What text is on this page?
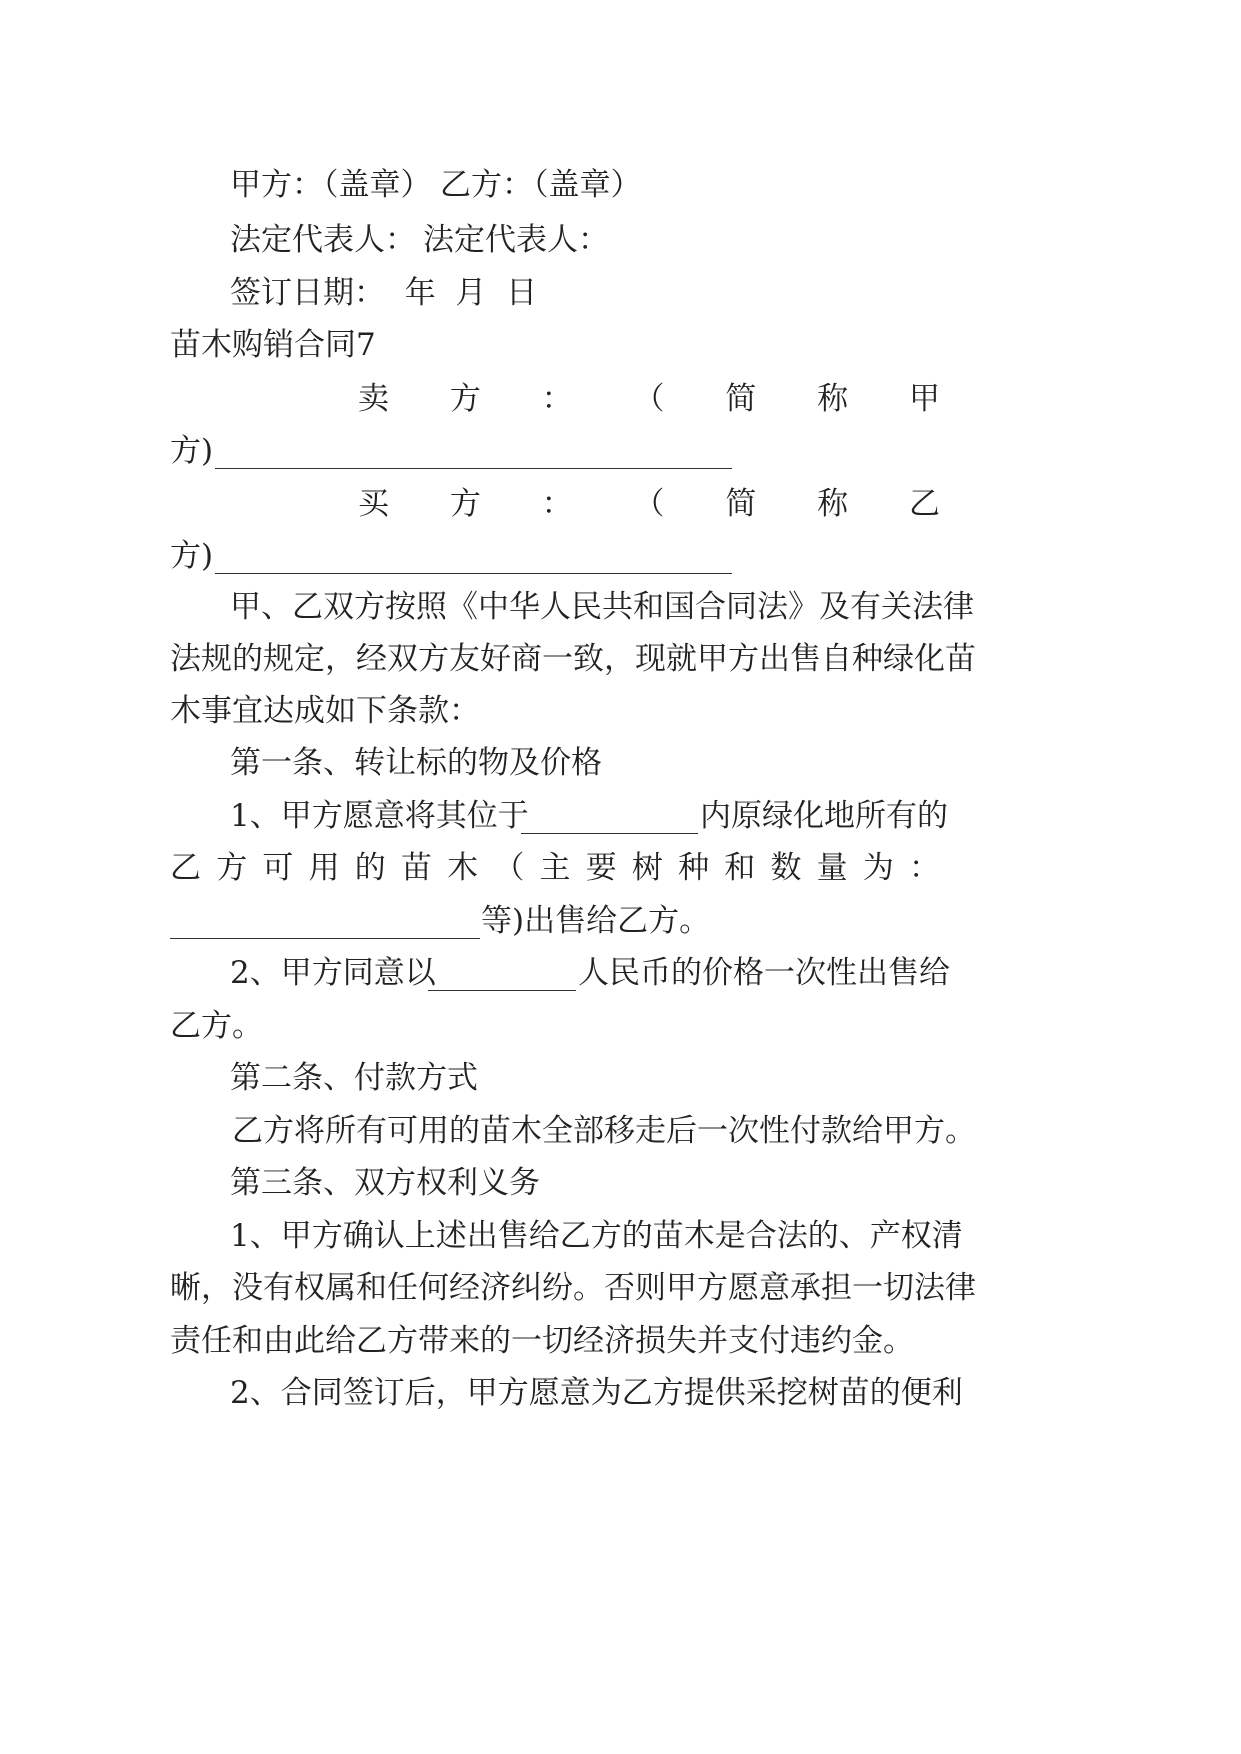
甲方：（盖章） 乙方：（盖章）
法定代表人： 法定代表人：
签订日期：  年  月  日
苗木购销合同7
卖 方 ： （ 简 称 甲
方)
买 方 ： （ 简 称 乙
方)
甲、乙双方按照《中华人民共和国合同法》及有关法律
法规的规定，经双方友好商一致，现就甲方出售自种绿化苗
木事宜达成如下条款：
第一条、转让标的物及价格
1、甲方愿意将其位于	内原绿化地所有的
乙 方 可 用 的 苗 木 （ 主 要 树 种 和 数 量 为 ：
等)出售给乙方。
2、甲方同意以	人民币的价格一次性出售给
乙方。
第二条、付款方式
乙方将所有可用的苗木全部移走后一次性付款给甲方。
第三条、双方权利义务
1、甲方确认上述出售给乙方的苗木是合法的、产权清
晰，没有权属和任何经济纠纷。否则甲方愿意承担一切法律
责任和由此给乙方带来的一切经济损失并支付违约金。
2、合同签订后，甲方愿意为乙方提供采挖树苗的便利
